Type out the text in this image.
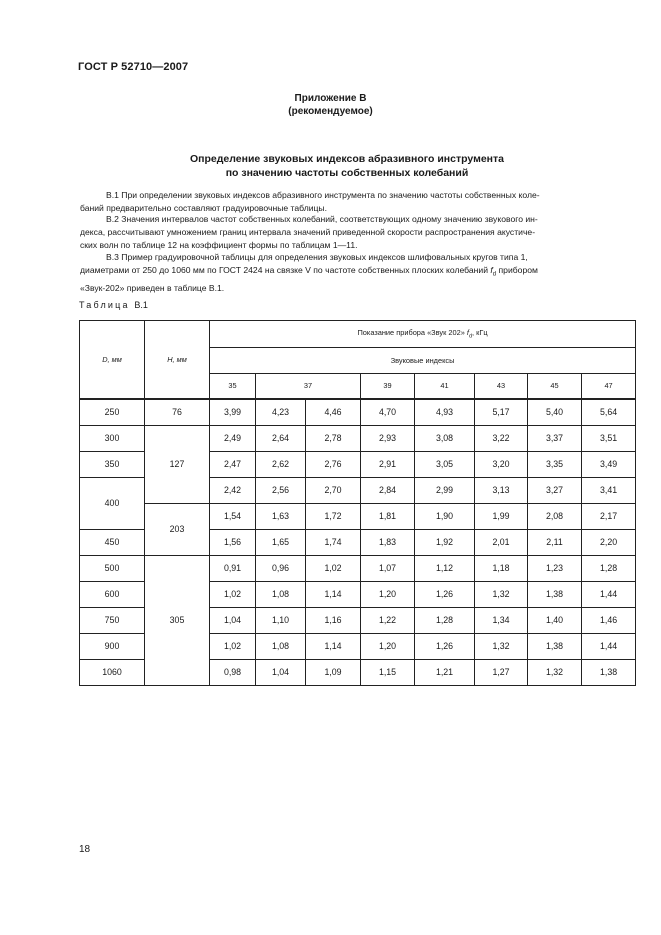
ГОСТ Р 52710—2007
Приложение В
(рекомендуемое)
Определение звуковых индексов абразивного инструмента
по значению частоты собственных колебаний
В.1 При определении звуковых индексов абразивного инструмента по значению частоты собственных коле-
баний предварительно составляют градуировочные таблицы.
В.2 Значения интервалов частот собственных колебаний, соответствующих одному значению звукового ин-
декса, рассчитывают умножением границ интервала значений приведенной скорости распространения акустиче-
ских волн по таблице 12 на коэффициент формы по таблицам 1—11.
В.3 Пример градуировочной таблицы для определения звуковых индексов шлифовальных кругов типа 1,
диаметрами от 250 до 1060 мм по ГОСТ 2424 на связке V по частоте собственных плоских колебаний $f_d$ прибором
«Звук-202» приведен в таблице В.1.
Таблица В.1
D, мм	H, мм	Показание прибора «Звук 202» $f_d$, кГц							
		Звуковые индексы							
		35	37		39	41	43	45	47
250	76	3,99	4,23	4,46	4,70	4,93	5,17	5,40	5,64
300	127	2,49	2,64	2,78	2,93	3,08	3,22	3,37	3,51
350		2,47	2,62	2,76	2,91	3,05	3,20	3,35	3,49
400		2,42	2,56	2,70	2,84	2,99	3,13	3,27	3,41
	203	1,54	1,63	1,72	1,81	1,90	1,99	2,08	2,17
450		1,56	1,65	1,74	1,83	1,92	2,01	2,11	2,20
500	305	0,91	0,96	1,02	1,07	1,12	1,18	1,23	1,28
600		1,02	1,08	1,14	1,20	1,26	1,32	1,38	1,44
750		1,04	1,10	1,16	1,22	1,28	1,34	1,40	1,46
900		1,02	1,08	1,14	1,20	1,26	1,32	1,38	1,44
1060		0,98	1,04	1,09	1,15	1,21	1,27	1,32	1,38
18
